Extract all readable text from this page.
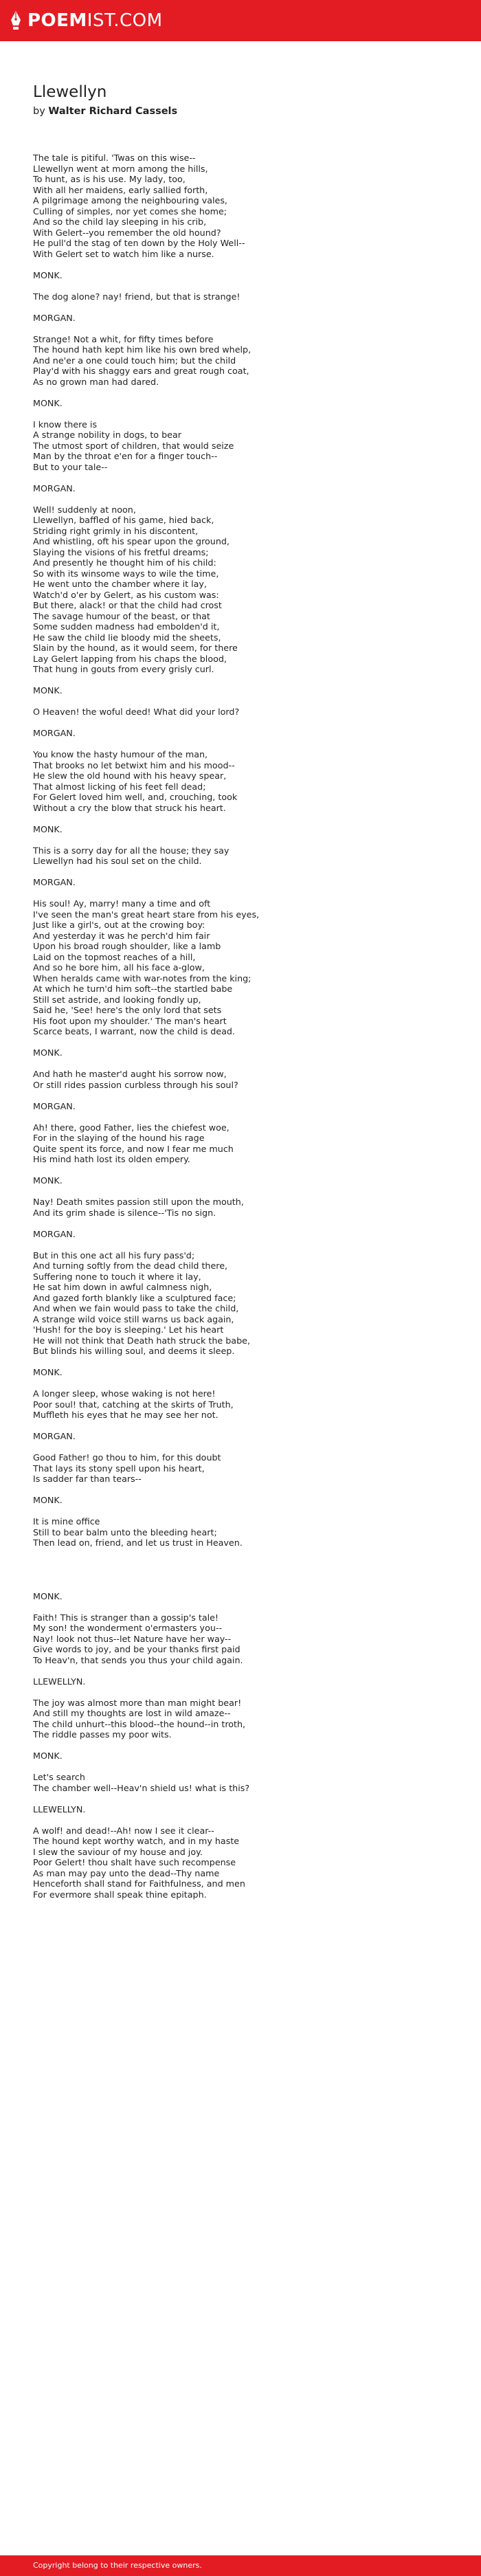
POEMIST.COM
Llewellyn
by Walter Richard Cassels
The tale is pitiful. 'Twas on this wise--
Llewellyn went at morn among the hills,
To hunt, as is his use. My lady, too,
With all her maidens, early sallied forth,
A pilgrimage among the neighbouring vales,
Culling of simples, nor yet comes she home;
And so the child lay sleeping in his crib,
With Gelert--you remember the old hound?
He pull'd the stag of ten down by the Holy Well--
With Gelert set to watch him like a nurse.
MONK.
The dog alone? nay! friend, but that is strange!
MORGAN.
Strange! Not a whit, for fifty times before
The hound hath kept him like his own bred whelp,
And ne'er a one could touch him; but the child
Play'd with his shaggy ears and great rough coat,
As no grown man had dared.
MONK.
I know there is
A strange nobility in dogs, to bear
The utmost sport of children, that would seize
Man by the throat e'en for a finger touch--
But to your tale--
MORGAN.
Well! suddenly at noon,
Llewellyn, baffled of his game, hied back,
Striding right grimly in his discontent,
And whistling, oft his spear upon the ground,
Slaying the visions of his fretful dreams;
And presently he thought him of his child:
So with its winsome ways to wile the time,
He went unto the chamber where it lay,
Watch'd o'er by Gelert, as his custom was:
But there, alack! or that the child had crost
The savage humour of the beast, or that
Some sudden madness had embolden'd it,
He saw the child lie bloody mid the sheets,
Slain by the hound, as it would seem, for there
Lay Gelert lapping from his chaps the blood,
That hung in gouts from every grisly curl.
MONK.
O Heaven! the woful deed! What did your lord?
MORGAN.
You know the hasty humour of the man,
That brooks no let betwixt him and his mood--
He slew the old hound with his heavy spear,
That almost licking of his feet fell dead;
For Gelert loved him well, and, crouching, took
Without a cry the blow that struck his heart.
MONK.
This is a sorry day for all the house; they say
Llewellyn had his soul set on the child.
MORGAN.
His soul! Ay, marry! many a time and oft
I've seen the man's great heart stare from his eyes,
Just like a girl's, out at the crowing boy:
And yesterday it was he perch'd him fair
Upon his broad rough shoulder, like a lamb
Laid on the topmost reaches of a hill,
And so he bore him, all his face a-glow,
When heralds came with war-notes from the king;
At which he turn'd him soft--the startled babe
Still set astride, and looking fondly up,
Said he, 'See! here's the only lord that sets
His foot upon my shoulder.' The man's heart
Scarce beats, I warrant, now the child is dead.
MONK.
And hath he master'd aught his sorrow now,
Or still rides passion curbless through his soul?
MORGAN.
Ah! there, good Father, lies the chiefest woe,
For in the slaying of the hound his rage
Quite spent its force, and now I fear me much
His mind hath lost its olden empery.
MONK.
Nay! Death smites passion still upon the mouth,
And its grim shade is silence--'Tis no sign.
MORGAN.
But in this one act all his fury pass'd;
And turning softly from the dead child there,
Suffering none to touch it where it lay,
He sat him down in awful calmness nigh,
And gazed forth blankly like a sculptured face;
And when we fain would pass to take the child,
A strange wild voice still warns us back again,
'Hush! for the boy is sleeping.' Let his heart
He will not think that Death hath struck the babe,
But blinds his willing soul, and deems it sleep.
MONK.
A longer sleep, whose waking is not here!
Poor soul! that, catching at the skirts of Truth,
Muffleth his eyes that he may see her not.
MORGAN.
Good Father! go thou to him, for this doubt
That lays its stony spell upon his heart,
Is sadder far than tears--
MONK.
It is mine office
Still to bear balm unto the bleeding heart;
Then lead on, friend, and let us trust in Heaven.
MONK.
Faith! This is stranger than a gossip's tale!
My son! the wonderment o'ermasters you--
Nay! look not thus--let Nature have her way--
Give words to joy, and be your thanks first paid
To Heav'n, that sends you thus your child again.
LLEWELLYN.
The joy was almost more than man might bear!
And still my thoughts are lost in wild amaze--
The child unhurt--this blood--the hound--in troth,
The riddle passes my poor wits.
MONK.
Let's search
The chamber well--Heav'n shield us! what is this?
LLEWELLYN.
A wolf! and dead!--Ah! now I see it clear--
The hound kept worthy watch, and in my haste
I slew the saviour of my house and joy.
Poor Gelert! thou shalt have such recompense
As man may pay unto the dead--Thy name
Henceforth shall stand for Faithfulness, and men
For evermore shall speak thine epitaph.
Copyright belong to their respective owners.
